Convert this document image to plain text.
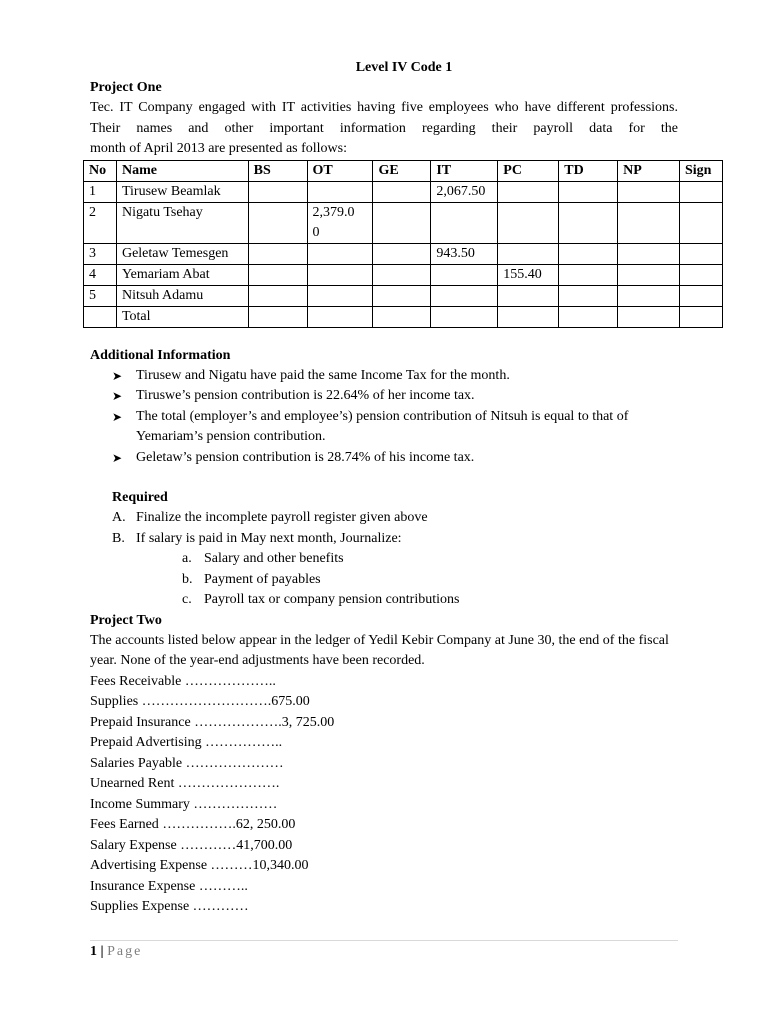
Level IV Code 1
Project One
Tec. IT Company engaged with IT activities having five employees who have different professions. Their names and other important information regarding their payroll data for the
month of April 2013 are presented as follows:
No	Name	BS	OT	GE	IT	PC	TD	NP	Sign
1	Tirusew Beamlak				2,067.50				
2	Nigatu Tsehay		2,379.0
0						
3	Geletaw Temesgen				943.50				
4	Yemariam Abat					155.40			
5	Nitsuh Adamu								
	Total								
Additional Information
➤ Tirusew and Nigatu have paid the same Income Tax for the month.
➤ Tiruswe’s pension contribution is 22.64% of her income tax.
➤ The total (employer’s and employee’s) pension contribution of Nitsuh is equal to that of Yemariam’s pension contribution.
➤ Geletaw’s pension contribution is 28.74% of his income tax.
Required
A. Finalize the incomplete payroll register given above
B. If salary is paid in May next month, Journalize:
a. Salary and other benefits
b. Payment of payables
c. Payroll tax or company pension contributions
Project Two
The accounts listed below appear in the ledger of Yedil Kebir Company at June 30, the end of the fiscal year. None of the year-end adjustments have been recorded.
Fees Receivable ………………..
Supplies ……………………….675.00
Prepaid Insurance ……………….3, 725.00
Prepaid Advertising ……………..
Salaries Payable …………………
Unearned Rent ………………….
Income Summary ………………
Fees Earned …………….62, 250.00
Salary Expense …………41,700.00
Advertising Expense ………10,340.00
Insurance Expense ………..
Supplies Expense …………
1 | Page
